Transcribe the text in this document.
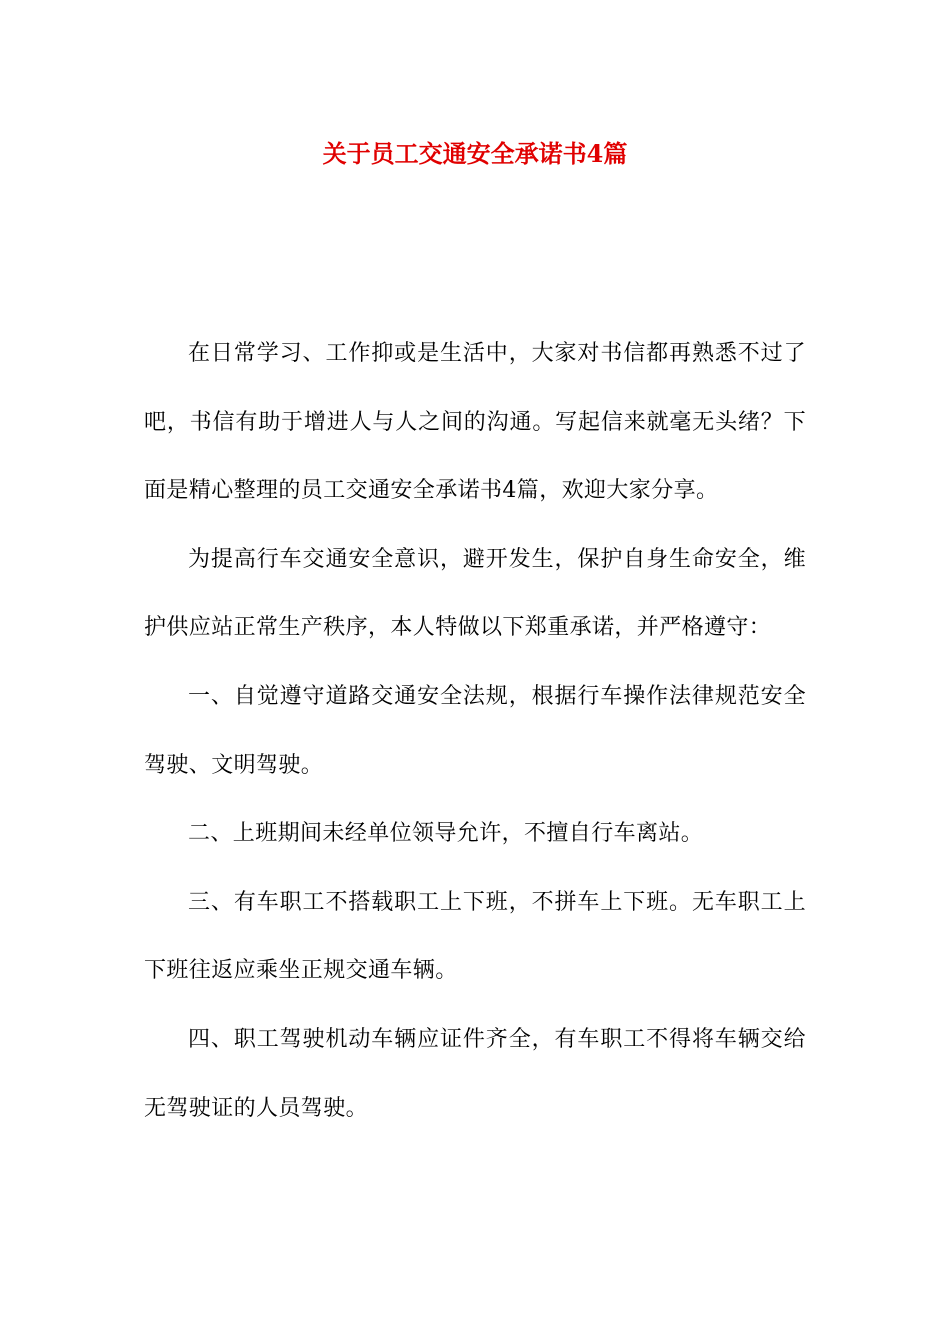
关于员工交通安全承诺书4篇

在日常学习、工作抑或是生活中，大家对书信都再熟悉不过了吧，书信有助于增进人与人之间的沟通。写起信来就毫无头绪？下面是精心整理的员工交通安全承诺书4篇，欢迎大家分享。

为提高行车交通安全意识，避开发生，保护自身生命安全，维护供应站正常生产秩序，本人特做以下郑重承诺，并严格遵守：

一、自觉遵守道路交通安全法规，根据行车操作法律规范安全驾驶、文明驾驶。

二、上班期间未经单位领导允许，不擅自行车离站。

三、有车职工不搭载职工上下班，不拼车上下班。无车职工上下班往返应乘坐正规交通车辆。

四、职工驾驶机动车辆应证件齐全，有车职工不得将车辆交给无驾驶证的人员驾驶。
